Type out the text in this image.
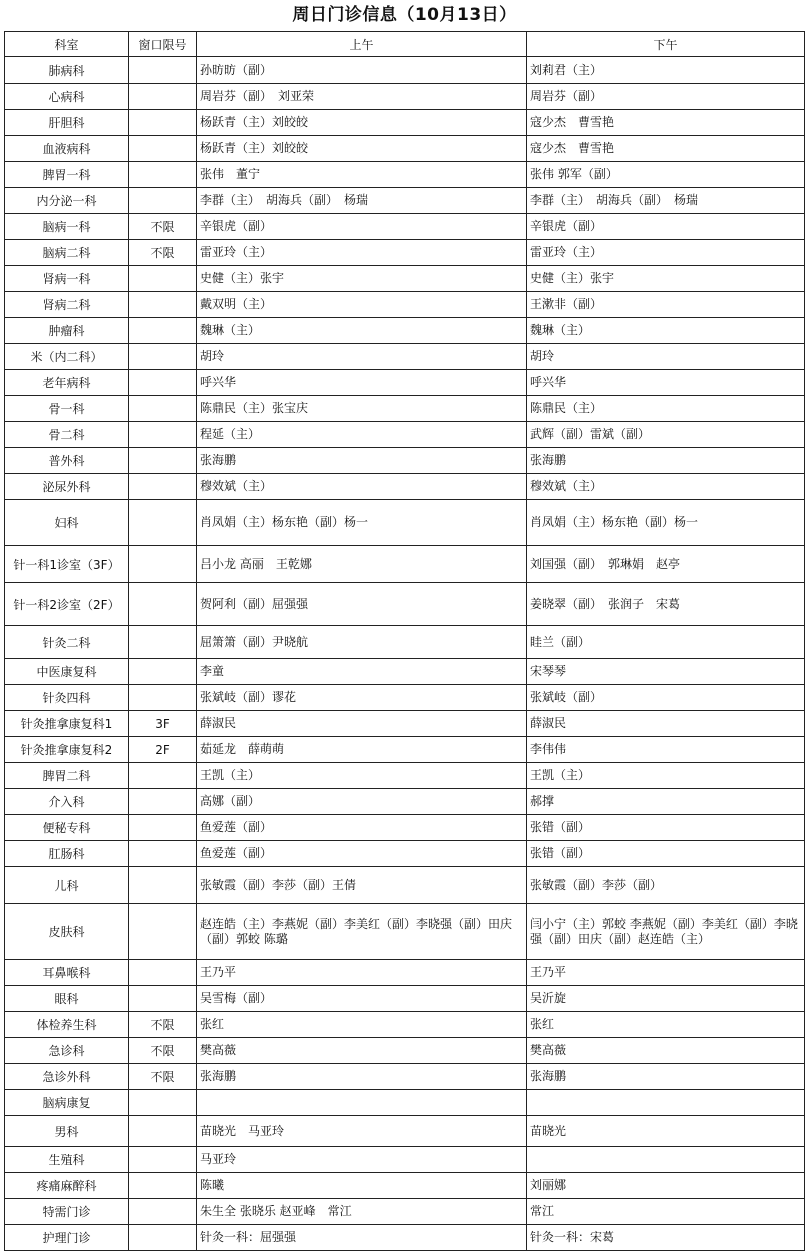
周日门诊信息（10月13日）
科室	窗口限号	上午	下午
肺病科		孙昉昉（副）	刘莉君（主）
心病科		周岩芬（副）　刘亚荣	周岩芬（副）
肝胆科		杨跃青（主）刘皎皎	寇少杰　曹雪艳
血液病科		杨跃青（主）刘皎皎	寇少杰　曹雪艳
脾胃一科		张伟　董宁	张伟 郭军（副）
内分泌一科		李群（主）　胡海兵（副）　杨瑞	李群（主）　胡海兵（副）　杨瑞
脑病一科	不限	辛银虎（副）	辛银虎（副）
脑病二科	不限	雷亚玲（主）	雷亚玲（主）
肾病一科		史健（主）张宇	史健（主）张宇
肾病二科		戴双明（主）	王漱非（副）
肿瘤科		魏琳（主）	魏琳（主）
米（内二科）		胡玲	胡玲
老年病科		呼兴华	呼兴华
骨一科		陈鼎民（主）张宝庆	陈鼎民（主）
骨二科		程延（主）	武辉（副）雷斌（副）
普外科		张海鹏	张海鹏
泌尿外科		穆效斌（主）	穆效斌（主）
妇科		肖凤娟（主）杨东艳（副）杨一	肖凤娟（主）杨东艳（副）杨一
针一科1诊室（3F）		吕小龙 高丽　王乾娜	刘国强（副）　郭琳娟　赵亭
针一科2诊室（2F）		贺阿利（副）屈强强	姜晓翠（副）　张润子　宋葛
针灸二科		屈箫箫（副）尹晓航	眭兰（副）
中医康复科		李童	宋琴琴
针灸四科		张斌岐（副）谬花	张斌岐（副）
针灸推拿康复科1	3F	薛淑民	薛淑民
针灸推拿康复科2	2F	茹延龙　薛萌萌	李伟伟
脾胃二科		王凯（主）	王凯（主）
介入科		高娜（副）	郝撑
便秘专科		鱼爱莲（副）	张错（副）
肛肠科		鱼爱莲（副）	张错（副）
儿科		张敏霞（副）李莎（副）王倩	张敏霞（副）李莎（副）
皮肤科		赵连皓（主）李燕妮（副）李美红（副）李晓强（副）田庆（副）郭蛟 陈璐	闫小宁（主）郭蛟 李燕妮（副）李美红（副）李晓强（副）田庆（副）赵连皓（主）
耳鼻喉科		王乃平	王乃平
眼科		吴雪梅（副）	吴沂旋
体检养生科	不限	张红	张红
急诊科	不限	樊高薇	樊高薇
急诊外科	不限	张海鹏	张海鹏
脑病康复			
男科		苗晓光　马亚玲	苗晓光
生殖科		马亚玲	
疼痛麻醉科		陈曦	刘丽娜
特需门诊		朱生全 张晓乐 赵亚峰　常江	常江
护理门诊		针灸一科：屈强强	针灸一科：宋葛
